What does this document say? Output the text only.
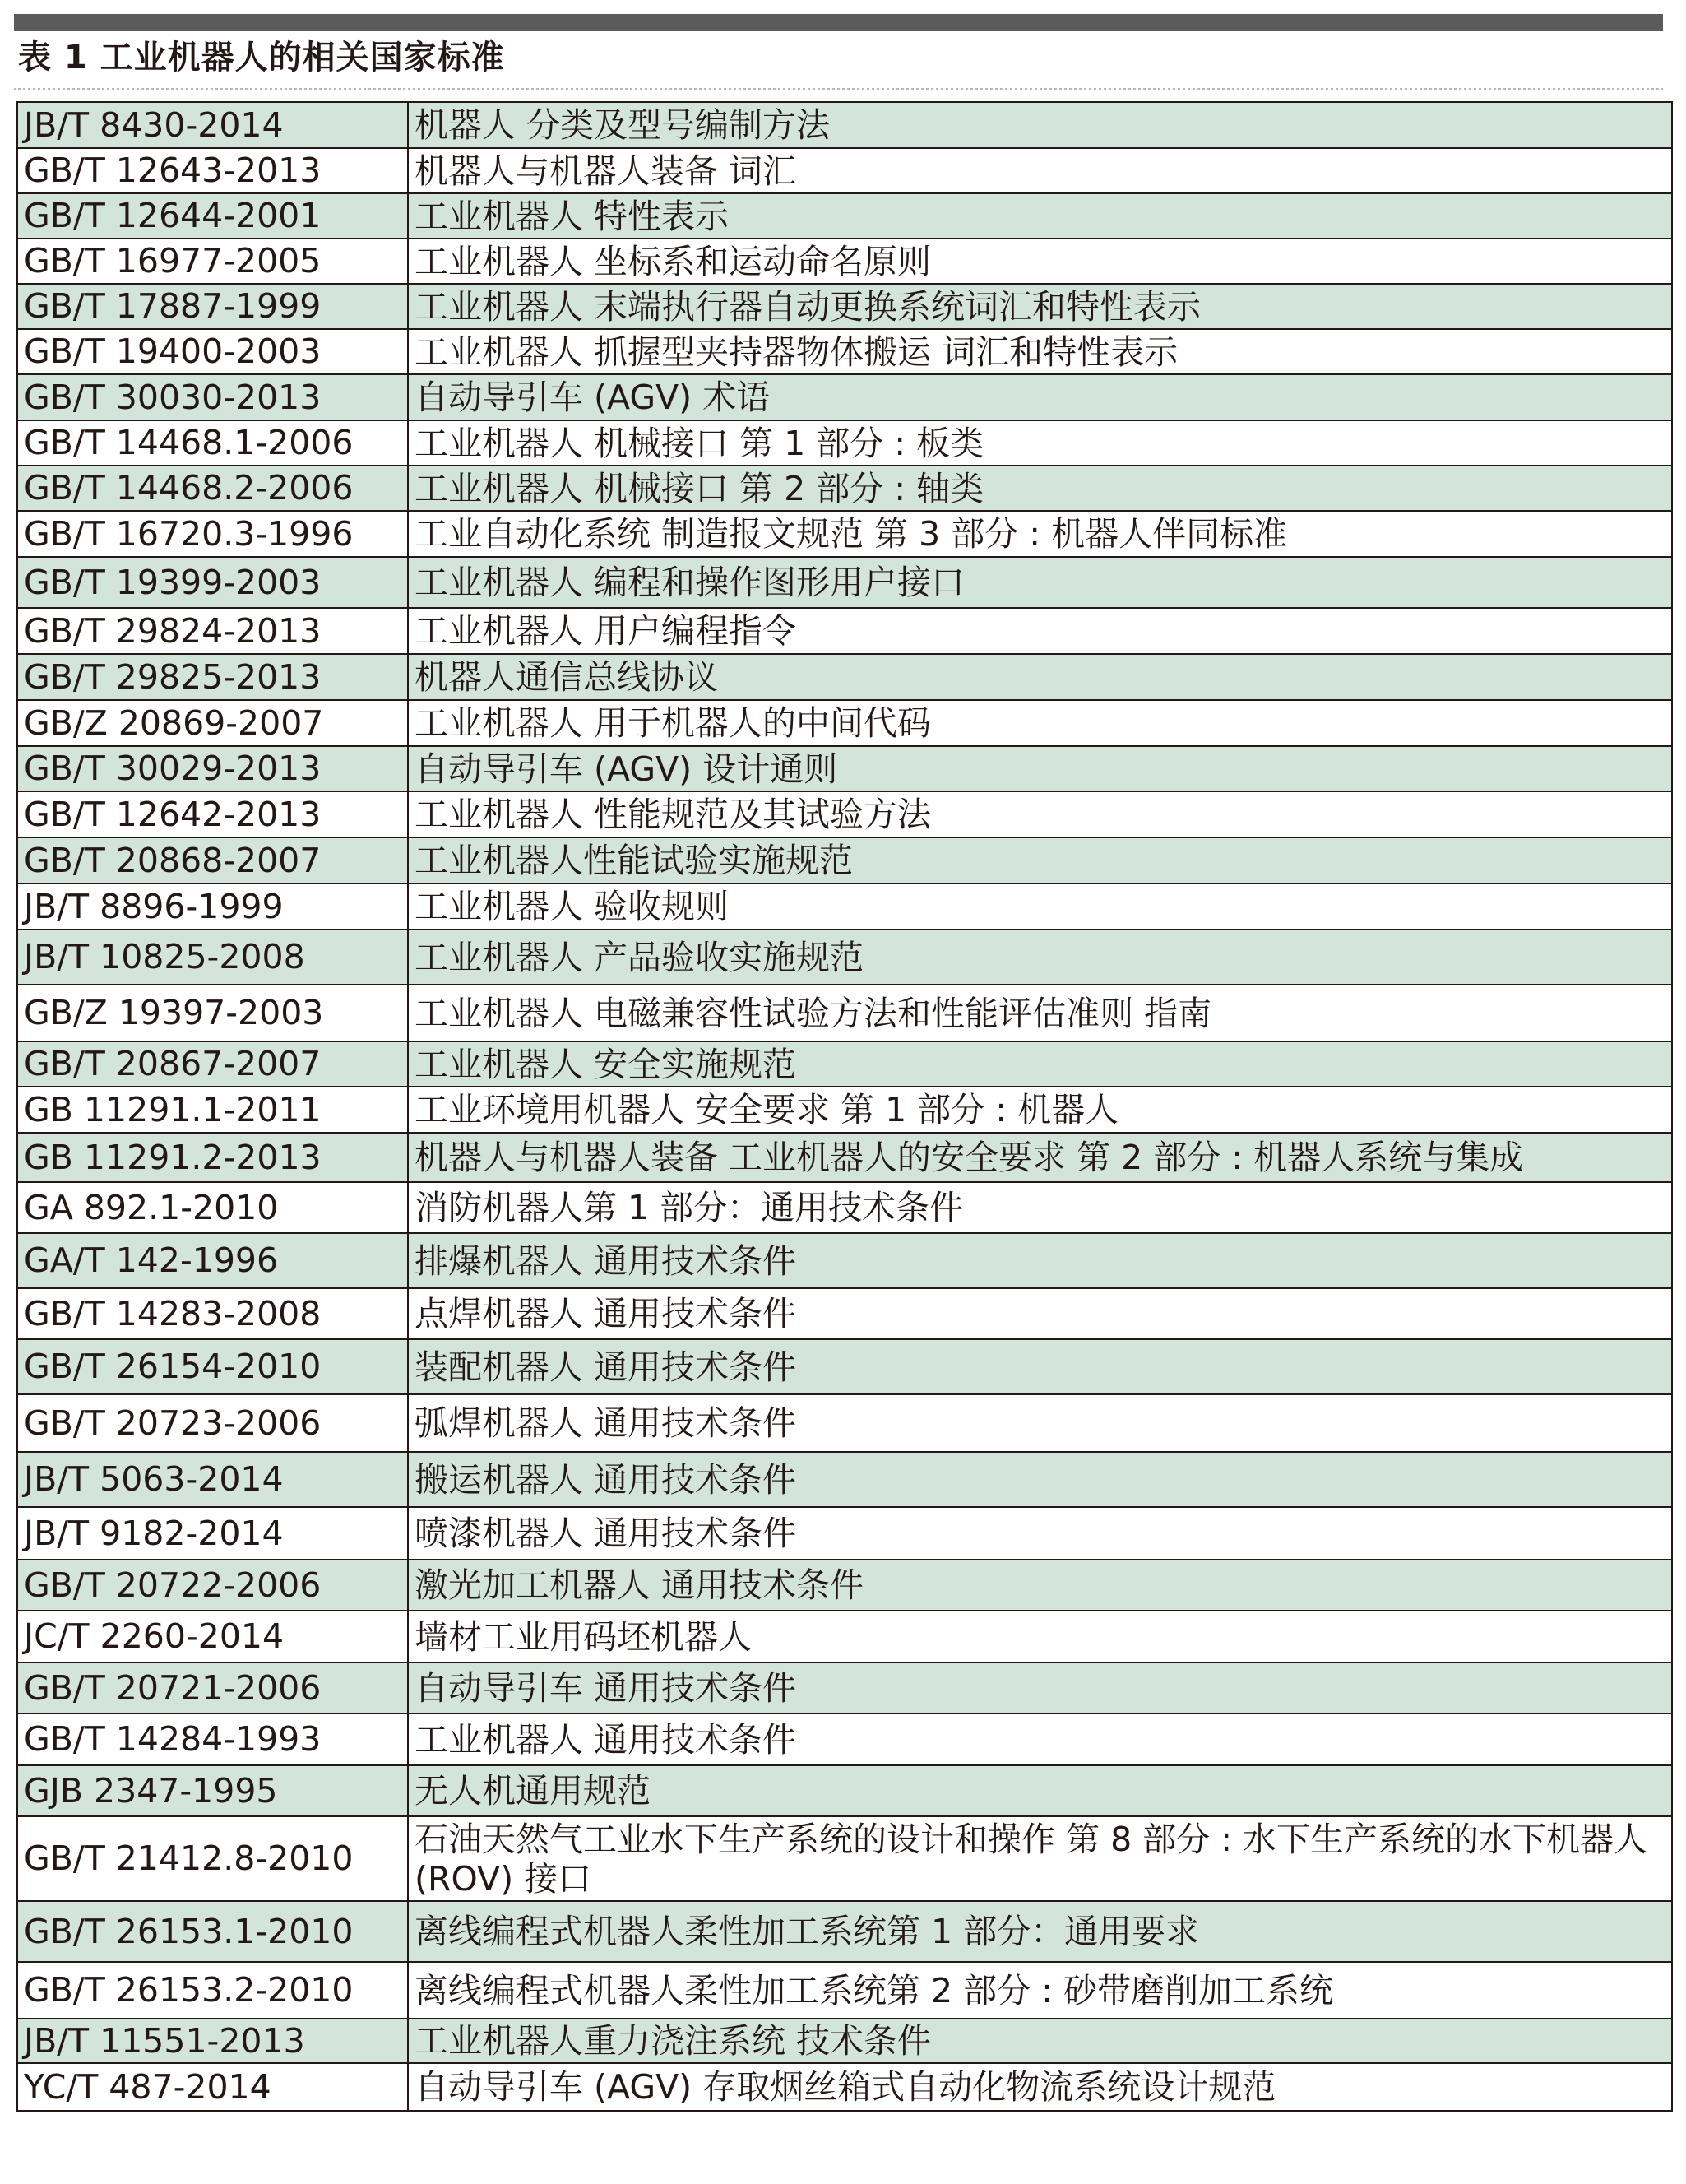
表 1 工业机器人的相关国家标准
JB/T 8430-2014	机器人 分类及型号编制方法
GB/T 12643-2013	机器人与机器人装备 词汇
GB/T 12644-2001	工业机器人 特性表示
GB/T 16977-2005	工业机器人 坐标系和运动命名原则
GB/T 17887-1999	工业机器人 末端执行器自动更换系统词汇和特性表示
GB/T 19400-2003	工业机器人 抓握型夹持器物体搬运 词汇和特性表示
GB/T 30030-2013	自动导引车 (AGV) 术语
GB/T 14468.1-2006	工业机器人 机械接口 第 1 部分 : 板类
GB/T 14468.2-2006	工业机器人 机械接口 第 2 部分 : 轴类
GB/T 16720.3-1996	工业自动化系统 制造报文规范 第 3 部分 : 机器人伴同标准
GB/T 19399-2003	工业机器人 编程和操作图形用户接口
GB/T 29824-2013	工业机器人 用户编程指令
GB/T 29825-2013	机器人通信总线协议
GB/Z 20869-2007	工业机器人 用于机器人的中间代码
GB/T 30029-2013	自动导引车 (AGV) 设计通则
GB/T 12642-2013	工业机器人 性能规范及其试验方法
GB/T 20868-2007	工业机器人性能试验实施规范
JB/T 8896-1999	工业机器人 验收规则
JB/T 10825-2008	工业机器人 产品验收实施规范
GB/Z 19397-2003	工业机器人 电磁兼容性试验方法和性能评估准则 指南
GB/T 20867-2007	工业机器人 安全实施规范
GB 11291.1-2011	工业环境用机器人 安全要求 第 1 部分 : 机器人
GB 11291.2-2013	机器人与机器人装备 工业机器人的安全要求 第 2 部分 : 机器人系统与集成
GA 892.1-2010	消防机器人第 1 部分：通用技术条件
GA/T 142-1996	排爆机器人 通用技术条件
GB/T 14283-2008	点焊机器人 通用技术条件
GB/T 26154-2010	装配机器人 通用技术条件
GB/T 20723-2006	弧焊机器人 通用技术条件
JB/T 5063-2014	搬运机器人 通用技术条件
JB/T 9182-2014	喷漆机器人 通用技术条件
GB/T 20722-2006	激光加工机器人 通用技术条件
JC/T 2260-2014	墙材工业用码坯机器人
GB/T 20721-2006	自动导引车 通用技术条件
GB/T 14284-1993	工业机器人 通用技术条件
GJB 2347-1995	无人机通用规范
GB/T 21412.8-2010	石油天然气工业水下生产系统的设计和操作 第 8 部分 : 水下生产系统的水下机器人 (ROV) 接口
GB/T 26153.1-2010	离线编程式机器人柔性加工系统第 1 部分：通用要求
GB/T 26153.2-2010	离线编程式机器人柔性加工系统第 2 部分 : 砂带磨削加工系统
JB/T 11551-2013	工业机器人重力浇注系统 技术条件
YC/T 487-2014	自动导引车 (AGV) 存取烟丝箱式自动化物流系统设计规范
